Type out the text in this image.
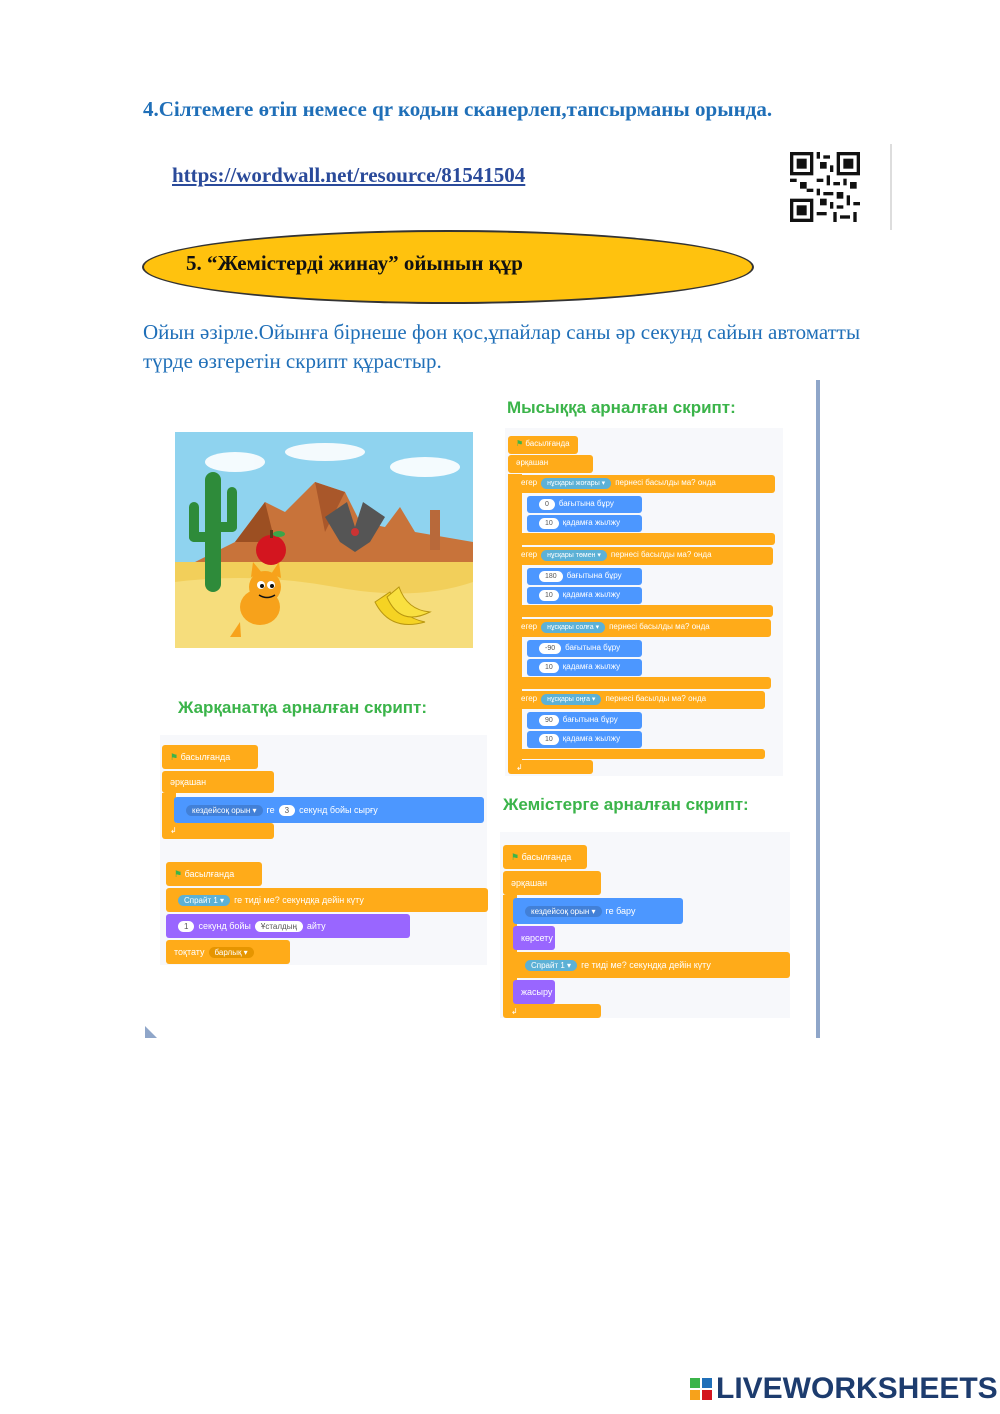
4.Сілтемеге өтіп немесе qr кодын сканерлеп,тапсырманы орында.
https://wordwall.net/resource/81541504
5. “Жемістерді жинау” ойынын құр
Ойын әзірле.Ойынға бірнеше фон қос,ұпайлар саны әр секунд сайын автоматты түрде өзгеретін скрипт құрастыр.
Мысыққа арналған скрипт:
Жарқанатқа арналған скрипт:
Жемістерге арналған скрипт:
⚑ басылғанда
әрқашан
↲
егер нұсқары жоғары ▾ пернесі басылды ма? онда
0 бағытына бұру
10 қадамға жылжу
егер нұсқары төмен ▾ пернесі басылды ма? онда
180 бағытына бұру
10 қадамға жылжу
егер нұсқары солға ▾ пернесі басылды ма? онда
-90 бағытына бұру
10 қадамға жылжу
егер нұсқары оңға ▾ пернесі басылды ма? онда
90 бағытына бұру
10 қадамға жылжу
⚑ басылғанда
әрқашан
кездейсоқ орын ▾ ге 3 секунд бойы сырғу
↲
⚑ басылғанда
Спрайт 1 ▾ ге тиді ме? секундқа дейін күту
1 секунд бойы Ұсталдың айту
тоқтату барлық ▾
⚑ басылғанда
әрқашан
кездейсоқ орын ▾ ге бару
көрсету
Спрайт 1 ▾ ге тиді ме? секундқа дейін күту
жасыру
↲
LIVEWORKSHEETS
